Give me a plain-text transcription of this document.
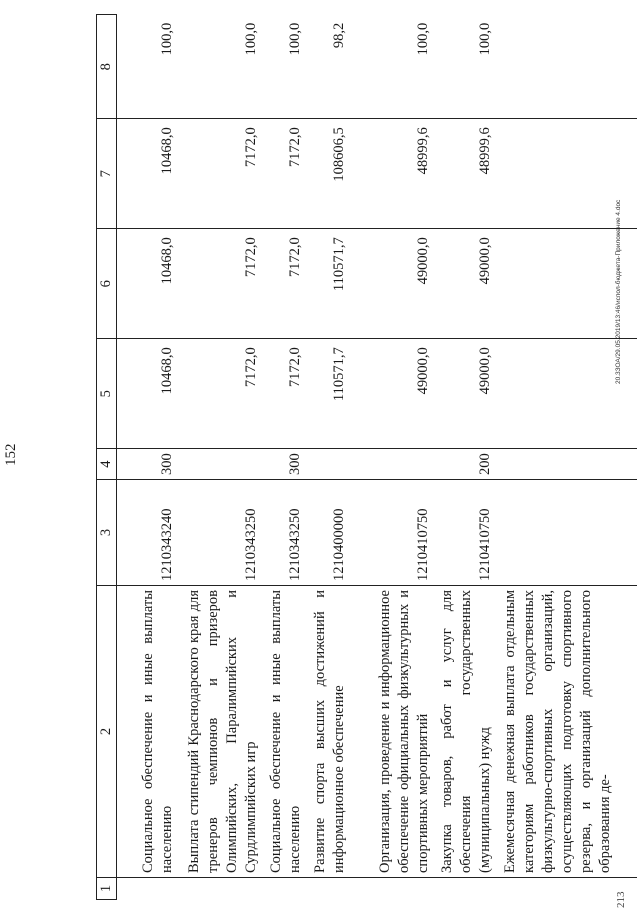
152
213
20.3ЗОА/29.05.2019/13:46/испол-бюджета-Приложение 4.doc
1	2	3	4	5	6	7	8
	Социальное обеспечение и иные выплаты населению	1210343240	300	10468,0	10468,0	10468,0	100,0
	Выплата стипендий Краснодарского края для тренеров чемпионов и призеров Олимпийских, Паралимпийских и Сурдлимпийских игр	1210343250		7172,0	7172,0	7172,0	100,0
	Социальное обеспечение и иные выплаты населению	1210343250	300	7172,0	7172,0	7172,0	100,0
	Развитие спорта высших достижений и информационное обеспечение	1210400000		110571,7	110571,7	108606,5	98,2
	Организация, проведение и информационное обеспечение официальных физкультурных и спортивных мероприятий	1210410750		49000,0	49000,0	48999,6	100,0
	Закупка товаров, работ и услуг для обеспечения государственных (муниципальных) нужд	1210410750	200	49000,0	49000,0	48999,6	100,0
	Ежемесячная денежная выплата отдельным категориям работников государственных физкультурно-спортивных организаций, осуществляющих подготовку спортивного резерва, и организаций дополнительного образования де-						
